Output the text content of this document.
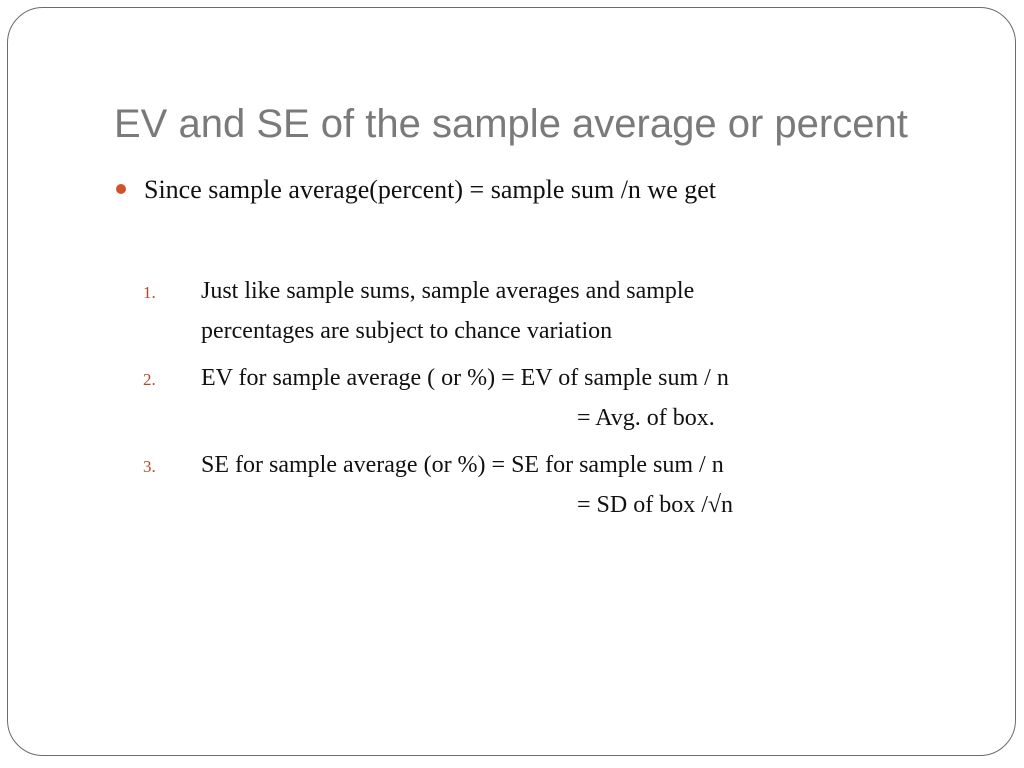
EV and SE of the sample average or percent
Since sample average(percent) = sample sum /n we get
1. Just like sample sums, sample averages and sample
percentages are subject to chance variation
2. EV for sample average ( or %) = EV of sample sum / n
= Avg. of box.
3. SE for sample average (or %) = SE for sample sum / n
= SD of box /√n
